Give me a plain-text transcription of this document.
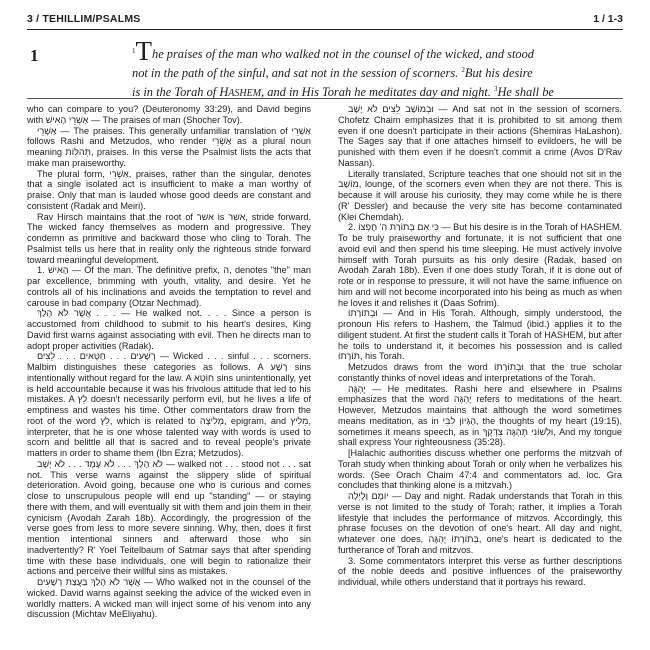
3 / TEHILLIM/PSALMS	1 / 1-3
1	$^1$The praises of the man who walked not in the counsel of the wicked, and stood

not in the path of the sinful, and sat not in the session of scorners. $^2$But his desire

is in the Torah of HASHEM, and in His Torah he meditates day and night. $^3$He shall be

who can compare to you? (Deuteronomy 33:29), and David begins with אַשְׁרֵי הָאִישׁ — The praises of man (Shocher Tov).

אַשְׁרֵי — The praises. This generally unfamiliar translation of אַשְׁרֵי follows Rashi and Metzudos, who render אַשְׁרֵי as a plural noun meaning תְּהִלּוֹת, praises. In this verse the Psalmist lists the acts that make man praiseworthy.

The plural form, אַשְׁרֵי, praises, rather than the singular, denotes that a single isolated act is insufficient to make a man worthy of praise. Only that man is lauded whose good deeds are constant and consistent (Radak and Meiri).

Rav Hirsch maintains that the root of אשר is אשר, stride forward. The wicked fancy themselves as modern and progressive. They condemn as primitive and backward those who cling to Torah. The Psalmist tells us here that in reality only the righteous stride forward toward meaningful development.

1. הָאִישׁ — Of the man. The definitive prefix, ה, denotes "the" man par excellence, brimming with youth, vitality, and desire. Yet he controls all of his inclinations and avoids the temptation to revel and carouse in bad company (Otzar Nechmad).

אֲשֶׁר לֹא הָלַךְ . . . — He walked not. . . . Since a person is accustomed from childhood to submit to his heart's desires, King David first warns against associating with evil. Then he directs man to adopt proper activities (Radak).

רְשָׁעִים . . . חַטָּאִים . . . לֵצִים — Wicked . . . sinful . . . scorners. Malbim distinguishes these categories as follows. A רָשָׁע sins intentionally without regard for the law. A חוֹטֵא sins unintentionally, yet is held accountable because it was his frivolous attitude that led to his mistakes. A לֵץ doesn't necessarily perform evil, but he lives a life of emptiness and wastes his time. Other commentators draw from the root of the word לֵץ, which is related to מְלִיצָה, epigram, and מֵלִיץ, interpreter, that he is one whose talented way with words is used to scorn and belittle all that is sacred and to reveal people's private matters in order to shame them (Ibn Ezra; Metzudos).

לֹא הָלַךְ . . . לֹא עָמָד . . . לֹא יָשָׁב — walked not . . . stood not . . . sat not. This verse warns against the slippery slide of spiritual deterioration. Avoid going, because one who is curious and comes close to unscrupulous people will end up "standing" — or staying there with them, and will eventually sit with them and join them in their cynicism (Avodah Zarah 18b). Accordingly, the progression of the verse goes from less to more severe sinning. Why, then, does it first mention intentional sinners and afterward those who sin inadvertently? R' Yoel Teitelbaum of Satmar says that after spending time with these base individuals, one will begin to rationalize their actions and perceive their willful sins as mistakes.

אֲשֶׁר לֹא הָלַךְ בַּעֲצַת רְשָׁעִים — Who walked not in the counsel of the wicked. David warns against seeking the advice of the wicked even in worldly matters. A wicked man will inject some of his venom into any discussion (Michtav MeEliyahu).

וּבְמוֹשַׁב לֵצִים לֹא יָשָׁב — And sat not in the session of scorners. Chofetz Chaim emphasizes that it is prohibited to sit among them even if one doesn't participate in their actions (Shemiras HaLashon). The Sages say that if one attaches himself to evildoers, he will be punished with them even if he doesn't commit a crime (Avos D'Rav Nassan).

Literally translated, Scripture teaches that one should not sit in the מוֹשַׁב, lounge, of the scorners even when they are not there. This is because it will arouse his curiosity, they may come while he is there (R' Dessler) and because the very site has become contaminated (Klei Chemdah).

2. כִּי אִם בְּתוֹרַת ה' חֶפְצוֹ — But his desire is in the Torah of HASHEM. To be truly praiseworthy and fortunate, it is not sufficient that one avoid evil and then spend his time sleeping. He must actively involve himself with Torah pursuits as his only desire (Radak, based on Avodah Zarah 18b). Even if one does study Torah, if it is done out of rote or in response to pressure, it will not have the same influence on him and will not become incorporated into his being as much as when he loves it and relishes it (Daas Sofrim).

וּבְתוֹרָתוֹ — And in His Torah. Although, simply understood, the pronoun His refers to Hashem, the Talmud (ibid.) applies it to the diligent student. At first the student calls it Torah of HASHEM, but after he toils to understand it, it becomes his possession and is called תּוֹרָתוֹ, his Torah.

Metzudos draws from the word וּבְתוֹרָתוֹ that the true scholar constantly thinks of novel ideas and interpretations of the Torah.

יֶהְגֶּה — He meditates. Rashi here and elsewhere in Psalms emphasizes that the word יֶהְגֶּה refers to meditations of the heart. However, Metzudos maintains that although the word sometimes means meditation, as in הֶגְיוֹן לִבִּי, the thoughts of my heart (19:15), sometimes it means speech, as in וּלְשׁוֹנִי תֶּהְגֶּה צִדְקֶךָ, And my tongue shall express Your righteousness (35:28).

[Halachic authorities discuss whether one performs the mitzvah of Torah study when thinking about Torah or only when he verbalizes his words. (See Orach Chaim 47:4 and commentators ad. loc. Gra concludes that thinking alone is a mitzvah.)

יוֹמָם וָלָיְלָה — Day and night. Radak understands that Torah in this verse is not limited to the study of Torah; rather, it implies a Torah lifestyle that includes the performance of mitzvos. Accordingly, this phrase focuses on the devotion of one's heart. All day and night, whatever one does, בְּתוֹרָתוֹ יֶהְגֶּה, one's heart is dedicated to the furtherance of Torah and mitzvos.

3. Some commentators interpret this verse as further descriptions of the noble deeds and positive influences of the praiseworthy individual, while others understand that it portrays his reward.
